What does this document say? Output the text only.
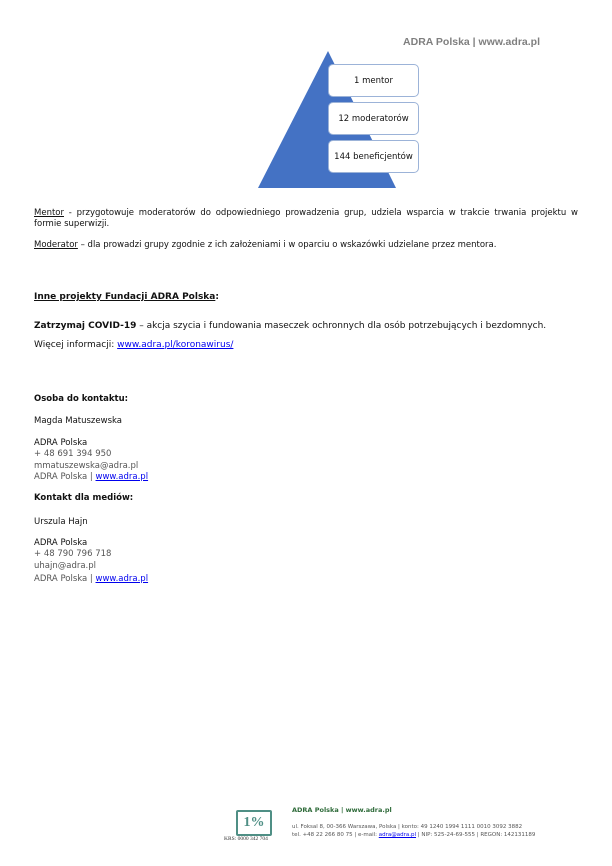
ADRA Polska | www.adra.pl
1 mentor
12 moderatorów
144 beneficjentów
Mentor - przygotowuje moderatorów do odpowiedniego prowadzenia grup, udziela wsparcia w trakcie trwania projektu w formie superwizji.
Moderator – dla prowadzi grupy zgodnie z ich założeniami i w oparciu o wskazówki udzielane przez mentora.
Inne projekty Fundacji ADRA Polska:
Zatrzymaj COVID-19 – akcja szycia i fundowania maseczek ochronnych dla osób potrzebujących i bezdomnych.
Więcej informacji: www.adra.pl/koronawirus/
Osoba do kontaktu:
Magda Matuszewska
ADRA Polska
+ 48 691 394 950
mmatuszewska@adra.pl
ADRA Polska | www.adra.pl
Kontakt dla mediów:
Urszula Hajn
ADRA Polska
+ 48 790 796 718
uhajn@adra.pl
ADRA Polska | www.adra.pl
1%
KRS: 0000 342 704
ADRA Polska | www.adra.pl
ul. Foksal 8, 00-366 Warszawa, Polska | konto: 49 1240 1994 1111 0010 3092 3882
tel. +48 22 266 80 75 | e-mail: adra@adra.pl | NIP: 525-24-69-555 | REGON: 142131189
